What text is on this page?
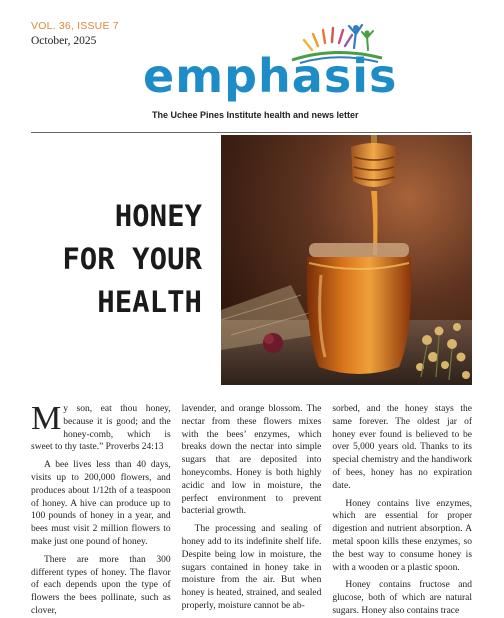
VOL. 36, ISSUE 7

October, 2025

emphasis

The Uchee Pines Institute health and news letter

HONEY
FOR YOUR
HEALTH

My son, eat thou honey, because it is good; and the honey-comb, which is sweet to thy taste.” Proverbs 24:13

A bee lives less than 40 days, visits up to 200,000 flowers, and produces about 1/12th of a teaspoon of honey. A hive can produce up to 100 pounds of honey in a year, and bees must visit 2 million flowers to make just one pound of honey.

There are more than 300 different types of honey. The flavor of each depends upon the type of flowers the bees pollinate, such as clover,

lavender, and orange blossom. The nectar from these flowers mixes with the bees’ enzymes, which breaks down the nectar into simple sugars that are deposited into honeycombs. Honey is both highly acidic and low in moisture, the perfect environment to prevent bacterial growth.

The processing and sealing of honey add to its indefinite shelf life. Despite being low in moisture, the sugars contained in honey take in moisture from the air. But when honey is heated, strained, and sealed properly, moisture cannot be ab-

sorbed, and the honey stays the same forever. The oldest jar of honey ever found is believed to be over 5,000 years old. Thanks to its special chemistry and the handiwork of bees, honey has no expiration date.

Honey contains live enzymes, which are essential for proper digestion and nutrient absorption. A metal spoon kills these enzymes, so the best way to consume honey is with a wooden or a plastic spoon.

Honey contains fructose and glucose, both of which are natural sugars. Honey also contains trace
